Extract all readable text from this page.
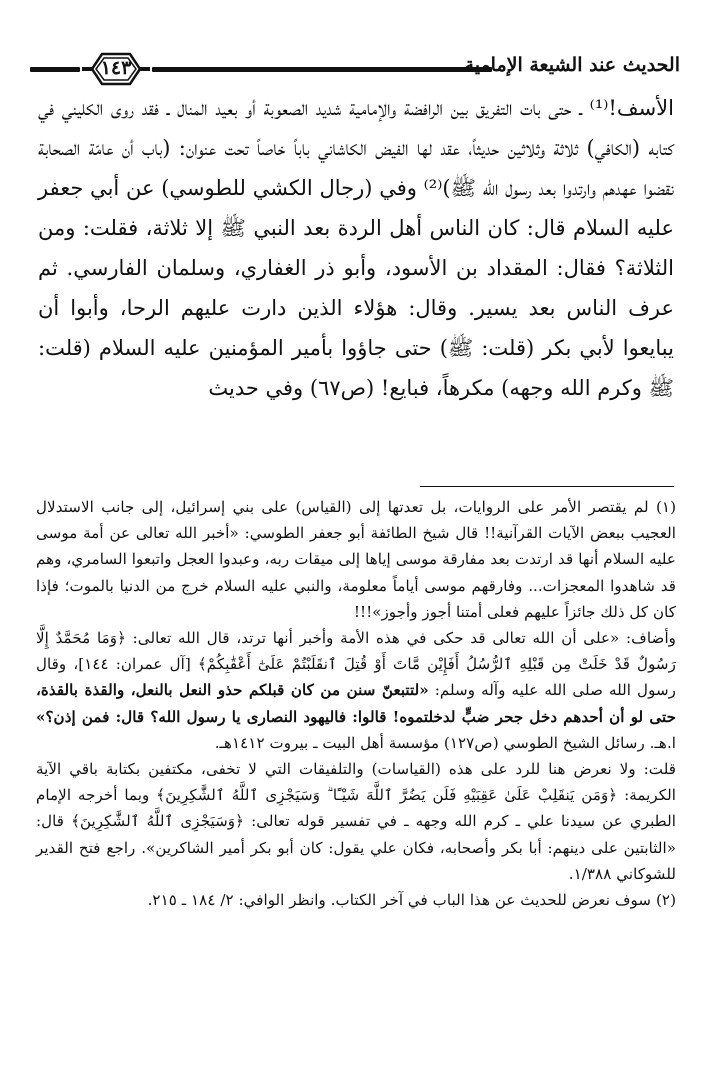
١٤٣	الحديث عند الشيعة الإمامية

الأسف!⁽¹⁾ ـ حتى بات التفريق بين الرافضة والإمامية شديد الصعوبة أو بعيد المنال ـ فقد روى الكليني في كتابه (الكافي) ثلاثة وثلاثين حديثاً، عقد لها الفيض الكاشاني باباً خاصاً تحت عنوان: (باب أن عامّة الصحابة نقضوا عهدهم وارتدوا بعد رسول الله ﷺ)⁽²⁾ وفي (رجال الكشي للطوسي) عن أبي جعفر عليه السلام قال: كان الناس أهل الردة بعد النبي ﷺ إلا ثلاثة، فقلت: ومن الثلاثة؟ فقال: المقداد بن الأسود، وأبو ذر الغفاري، وسلمان الفارسي. ثم عرف الناس بعد يسير. وقال: هؤلاء الذين دارت عليهم الرحا، وأبوا أن يبايعوا لأبي بكر (قلت: ﷺ) حتى جاؤوا بأمير المؤمنين عليه السلام (قلت: ﷺ وكرم الله وجهه) مكرهاً، فبايع! (ص٦٧) وفي حديث

(١) لم يقتصر الأمر على الروايات، بل تعدتها إلى (القياس) على بني إسرائيل، إلى جانب الاستدلال العجيب ببعض الآيات القرآنية!! قال شيخ الطائفة أبو جعفر الطوسي: «أخبر الله تعالى عن أمة موسى عليه السلام أنها قد ارتدت بعد مفارقة موسى إياها إلى ميقات ربه، وعبدوا العجل واتبعوا السامري، وهم قد شاهدوا المعجزات... وفارقهم موسى أياماً معلومة، والنبي عليه السلام خرج من الدنيا بالموت؛ فإذا كان كل ذلك جائزاً عليهم فعلى أمتنا أجوز وأجوز»!!!

وأضاف: «على أن الله تعالى قد حكى في هذه الأمة وأخبر أنها ترتد، قال الله تعالى: ﴿وَمَا مُحَمَّدٌ إِلَّا رَسُولٌ قَدْ خَلَتْ مِن قَبْلِهِ ٱلرُّسُلُ أَفَإِيْن مَّاتَ أَوْ قُتِلَ ٱنقَلَبْتُمْ عَلَىٰٓ أَعْقَٰبِكُمْ﴾ [آل عمران: ١٤٤]، وقال رسول الله صلى الله عليه وآله وسلم: «لتتبعنّ سنن من كان قبلكم حذو النعل بالنعل، والقذة بالقذة، حتى لو أن أحدهم دخل جحر ضبٍّ لدخلتموه! قالوا: فاليهود النصارى يا رسول الله؟ قال: فمن إذن؟» ا.هـ. رسائل الشيخ الطوسي (ص١٢٧) مؤسسة أهل البيت ـ بيروت ١٤١٢هـ.

قلت: ولا نعرض هنا للرد على هذه (القياسات) والتلفيقات التي لا تخفى، مكتفين بكتابة باقي الآية الكريمة: ﴿وَمَن يَنقَلِبْ عَلَىٰ عَقِبَيْهِ فَلَن يَضُرَّ ٱللَّهَ شَيْـًٔا ۗ وَسَيَجْزِى ٱللَّهُ ٱلشَّٰكِرِينَ﴾ وبما أخرجه الإمام الطبري عن سيدنا علي ـ كرم الله وجهه ـ في تفسير قوله تعالى: ﴿وَسَيَجْزِى ٱللَّهُ ٱلشَّٰكِرِينَ﴾ قال: «الثابتين على دينهم: أبا بكر وأصحابه، فكان علي يقول: كان أبو بكر أمير الشاكرين». راجع فتح القدير للشوكاني ١/٣٨٨.

(٢) سوف نعرض للحديث عن هذا الباب في آخر الكتاب. وانظر الوافي: ٢/ ١٨٤ ـ ٢١٥.
